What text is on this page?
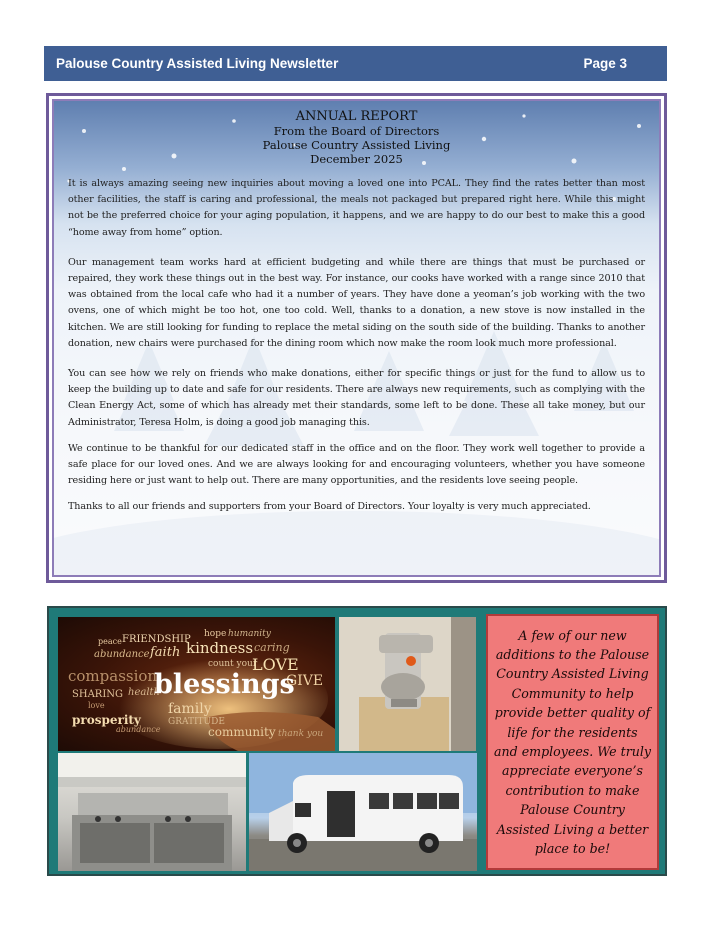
Palouse Country Assisted Living Newsletter	Page 3
ANNUAL REPORT
From the Board of Directors
Palouse Country Assisted Living
December 2025

It is always amazing seeing new inquiries about moving a loved one into PCAL. They find the rates better than most other facilities, the staff is caring and professional, the meals not packaged but prepared right here. While this might not be the preferred choice for your aging population, it happens, and we are happy to do our best to make this a good “home away from home” option.

Our management team works hard at efficient budgeting and while there are things that must be purchased or repaired, they work these things out in the best way. For instance, our cooks have worked with a range since 2010 that was obtained from the local cafe who had it a number of years. They have done a yeoman’s job working with the two ovens, one of which might be too hot, one too cold. Well, thanks to a donation, a new stove is now installed in the kitchen. We are still looking for funding to replace the metal siding on the south side of the building. Thanks to another donation, new chairs were purchased for the dining room which now make the room look much more professional.

You can see how we rely on friends who make donations, either for specific things or just for the fund to allow us to keep the building up to date and safe for our residents. There are always new requirements, such as complying with the Clean Energy Act, some of which has already met their standards, some left to be done. These all take money, but our Administrator, Teresa Holm, is doing a good job managing this.

We continue to be thankful for our dedicated staff in the office and on the floor. They work well together to provide a safe place for our loved ones. And we are always looking for and encouraging volunteers, whether you have someone residing here or just want to help out. There are many opportunities, and the residents love seeing people.

Thanks to all our friends and supporters from your Board of Directors. Your loyalty is very much appreciated.

peace FRIENDSHIP hope humanity
abundance faith kindness caring
count your
compassion
LOVE
GIVE
SHARING health
blessings
family
prosperity	GRATITUDE
community thank you
love
abundance

A few of our new additions to the Palouse Country Assisted Living Community to help provide better quality of life for the residents and employees. We truly appreciate everyone’s contribution to make Palouse Country Assisted Living a better place to be!
